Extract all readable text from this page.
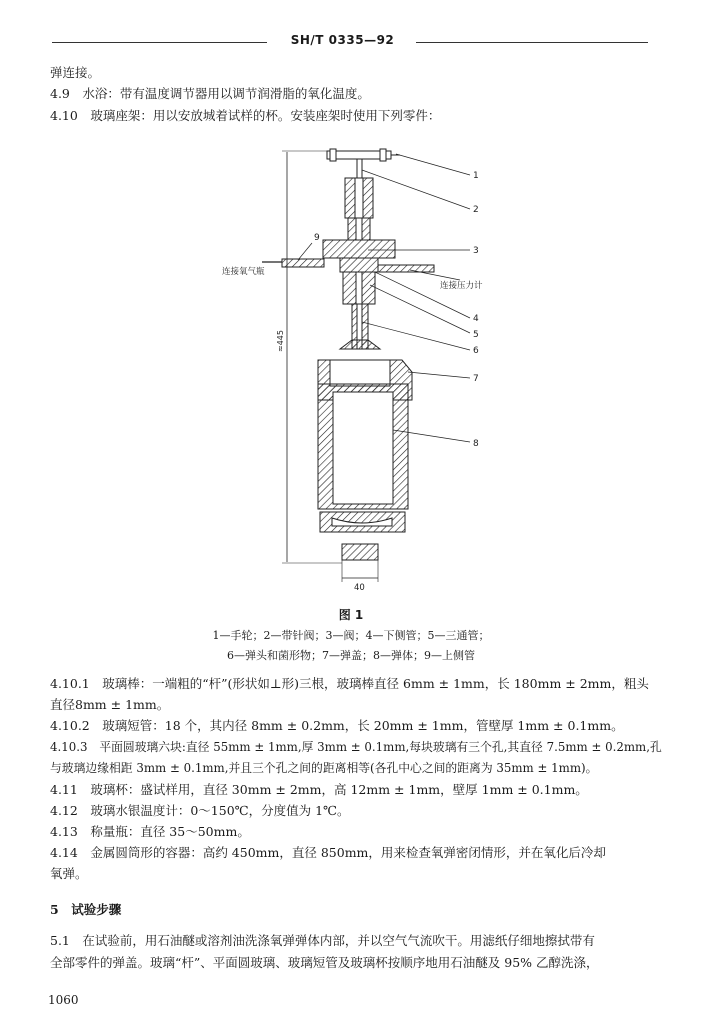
SH/T 0335—92
弹连接。
4.9　水浴：带有温度调节器用以调节润滑脂的氧化温度。
4.10　玻璃座架：用以安放城着试样的杯。安装座架时使用下列零件：
1
2
3
4
5
6
7
8
9
连接氧气瓶
连接压力计
≈445
40
图 1
1—手轮；2—带针阀；3—阀；4—下侧管；5—三通管；
6—弹头和菌形物；7—弹盖；8—弹体；9—上侧管
4.10.1　玻璃棒：一端粗的“杆”(形状如⊥形)三根，玻璃棒直径 6mm ± 1mm，长 180mm ± 2mm，粗头
直径8mm ± 1mm。
4.10.2　玻璃短管：18 个，其内径 8mm ± 0.2mm，长 20mm ± 1mm，管壁厚 1mm ± 0.1mm。
4.10.3　平面圆玻璃六块:直径 55mm ± 1mm,厚 3mm ± 0.1mm,每块玻璃有三个孔,其直径 7.5mm ± 0.2mm,孔
与玻璃边缘相距 3mm ± 0.1mm,并且三个孔之间的距离相等(各孔中心之间的距离为 35mm ± 1mm)。
4.11　玻璃杯：盛试样用，直径 30mm ± 2mm，高 12mm ± 1mm，壁厚 1mm ± 0.1mm。
4.12　玻璃水银温度计：0～150℃，分度值为 1℃。
4.13　称量瓶：直径 35～50mm。
4.14　金属圆筒形的容器：高约 450mm，直径 850mm，用来检查氧弹密闭情形，并在氧化后冷却
氧弹。
5　试验步骤
5.1　在试验前，用石油醚或溶剂油洗涤氧弹弹体内部，并以空气气流吹干。用滤纸仔细地擦拭带有
全部零件的弹盖。玻璃“杆”、平面圆玻璃、玻璃短管及玻璃杯按顺序地用石油醚及 95% 乙醇洗涤，
1060
